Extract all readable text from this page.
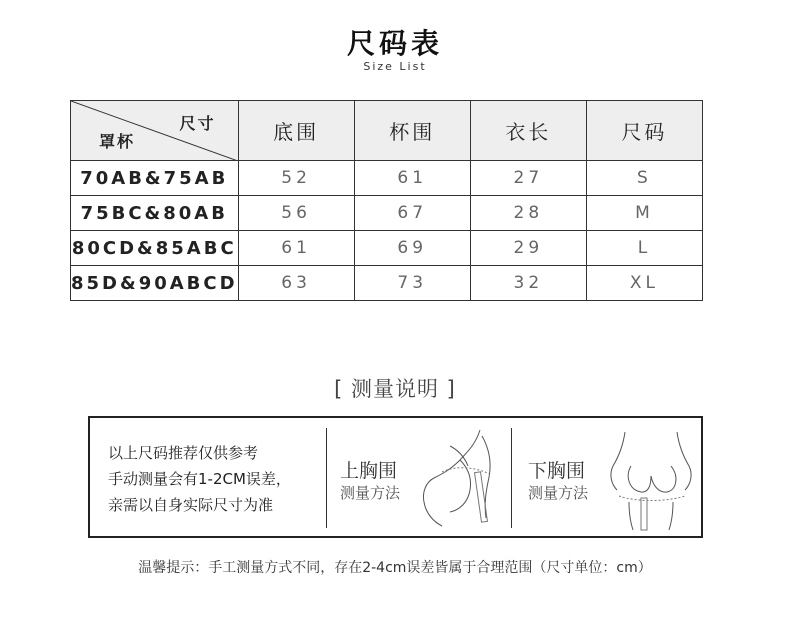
尺码表
Size List
尺寸
罩杯	底围	杯围	衣长	尺码
70AB&75AB	52	61	27	S
75BC&80AB	56	67	28	M
80CD&85ABC	61	69	29	L
85D&90ABCD	63	73	32	XL
[ 测量说明 ]
以上尺码推荐仅供参考
手动测量会有1-2CM误差，
亲需以自身实际尺寸为准
上胸围
测量方法
下胸围
测量方法
温馨提示：手工测量方式不同，存在2-4cm误差皆属于合理范围（尺寸单位：cm）
